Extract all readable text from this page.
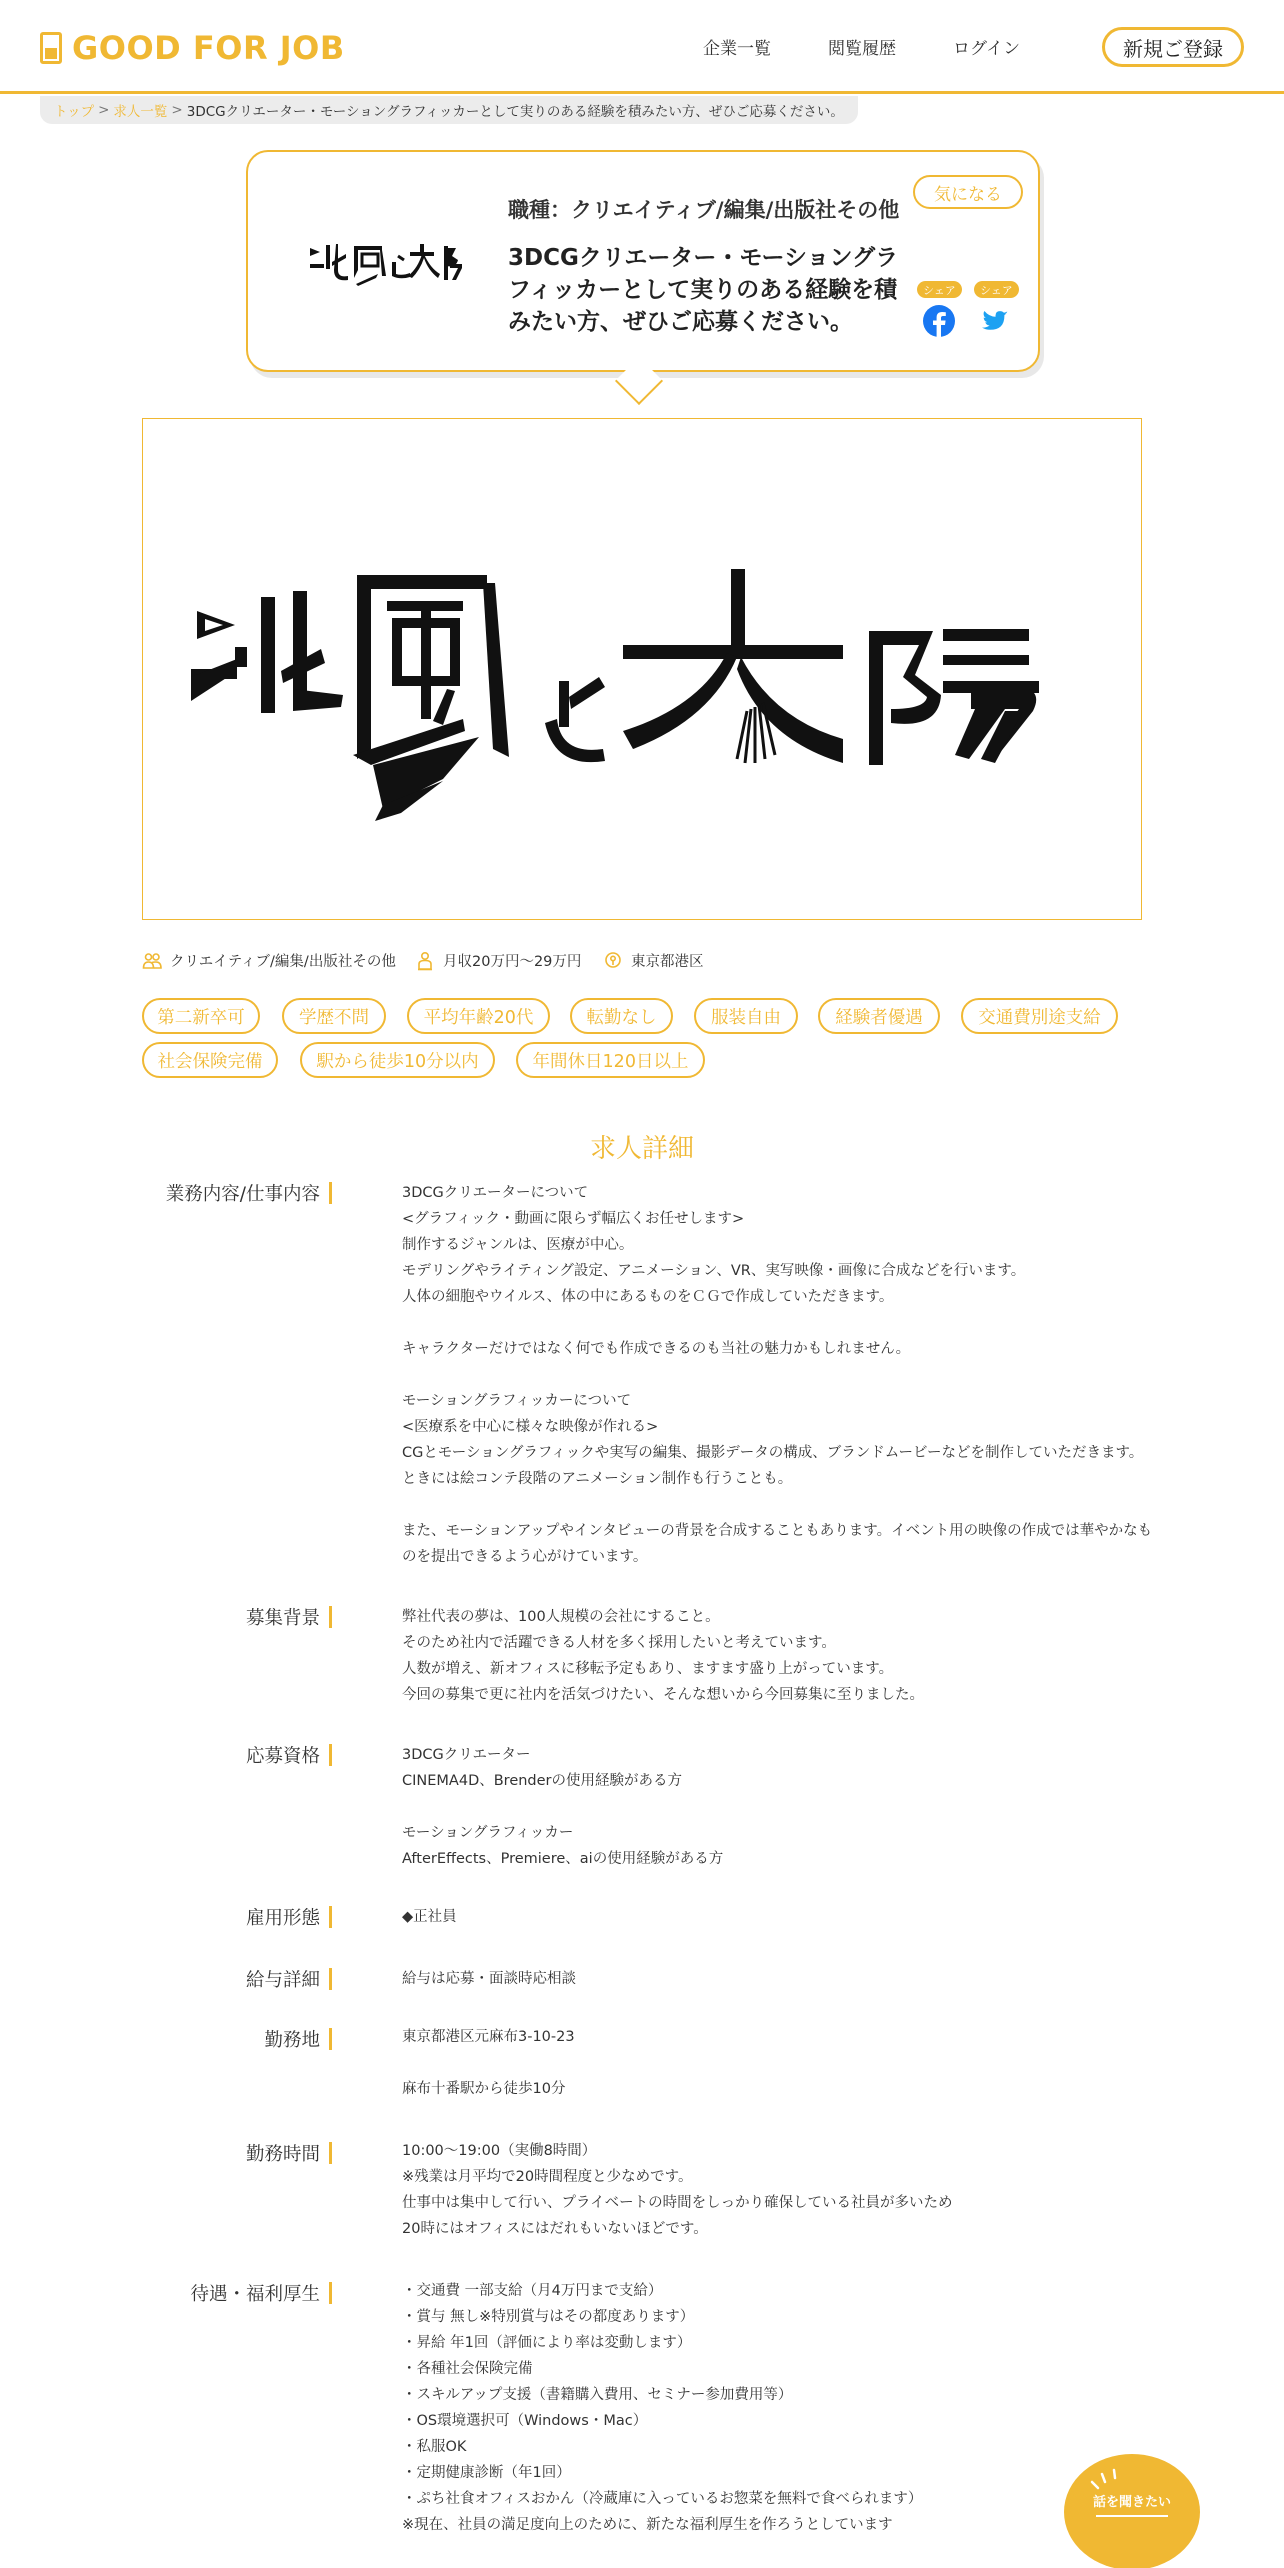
GOOD FOR JOB	企業一覧	閲覧履歴	ログイン	新規ご登録
トップ > 求人一覧 > 3DCGクリエーター・モーショングラフィッカーとして実りのある経験を積みたい方、ぜひご応募ください。
職種：クリエイティブ/編集/出版社その他
3DCGクリエーター・モーショングラフィッカーとして実りのある経験を積みたい方、ぜひご応募ください。
気になる
シェア	シェア
クリエイティブ/編集/出版社その他	月収20万円～29万円	東京都港区
第二新卒可	学歴不問	平均年齢20代	転勤なし	服装自由	経験者優遇	交通費別途支給
社会保険完備	駅から徒歩10分以内	年間休日120日以上
求人詳細
業務内容/仕事内容	3DCGクリエーターについて
<グラフィック・動画に限らず幅広くお任せします>
制作するジャンルは、医療が中心。
モデリングやライティング設定、アニメーション、VR、実写映像・画像に合成などを行います。
人体の細胞やウイルス、体の中にあるものをＣＧで作成していただきます。

キャラクターだけではなく何でも作成できるのも当社の魅力かもしれません。

モーショングラフィッカーについて
<医療系を中心に様々な映像が作れる>
CGとモーショングラフィックや実写の編集、撮影データの構成、ブランドムービーなどを制作していただきます。
ときには絵コンテ段階のアニメーション制作も行うことも。

また、モーションアップやインタビューの背景を合成することもあります。イベント用の映像の作成では華やかなものを提出できるよう心がけています。
募集背景	弊社代表の夢は、100人規模の会社にすること。
そのため社内で活躍できる人材を多く採用したいと考えています。
人数が増え、新オフィスに移転予定もあり、ますます盛り上がっています。
今回の募集で更に社内を活気づけたい、そんな想いから今回募集に至りました。
応募資格	3DCGクリエーター
CINEMA4D、Brenderの使用経験がある方

モーショングラフィッカー
AfterEffects、Premiere、aiの使用経験がある方
雇用形態	◆正社員
給与詳細	給与は応募・面談時応相談
勤務地	東京都港区元麻布3-10-23

麻布十番駅から徒歩10分
勤務時間	10:00～19:00（実働8時間）
※残業は月平均で20時間程度と少なめです。
仕事中は集中して行い、プライベートの時間をしっかり確保している社員が多いため
20時にはオフィスにはだれもいないほどです。
待遇・福利厚生	・交通費 一部支給（月4万円まで支給）
・賞与 無し※特別賞与はその都度あります）
・昇給 年1回（評価により率は変動します）
・各種社会保険完備
・スキルアップ支援（書籍購入費用、セミナー参加費用等）
・OS環境選択可（Windows・Mac）
・私服OK
・定期健康診断（年1回）
・ぷち社食オフィスおかん（冷蔵庫に入っているお惣菜を無料で食べられます）
※現在、社員の満足度向上のために、新たな福利厚生を作ろうとしています
話を聞きたい
